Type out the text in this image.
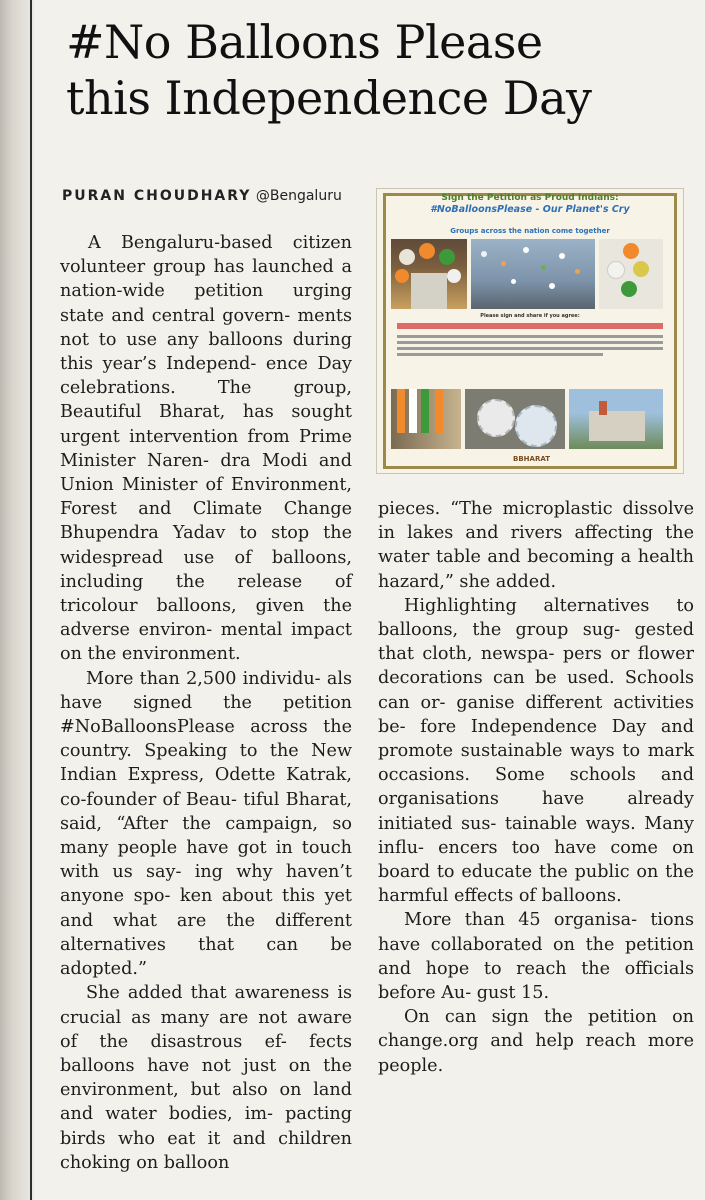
#No Balloons Please
this Independence Day
PURAN CHOUDHARY @Bengaluru

A Bengaluru-based citizen volunteer group has launched a nation-wide petition urging state and central govern- ments not to use any balloons during this year’s Independ- ence Day celebrations. The group, Beautiful Bharat, has sought urgent intervention from Prime Minister Naren- dra Modi and Union Minister of Environment, Forest and Climate Change Bhupendra Yadav to stop the widespread use of balloons, including the release of tricolour balloons, given the adverse environ- mental impact on the environment.

More than 2,500 individu- als have signed the petition #NoBalloonsPlease across the country. Speaking to the New Indian Express, Odette Katrak, co-founder of Beau- tiful Bharat, said, “After the campaign, so many people have got in touch with us say- ing why haven’t anyone spo- ken about this yet and what are the different alternatives that can be adopted.”

She added that awareness is crucial as many are not aware of the disastrous ef- fects balloons have not just on the environment, but also on land and water bodies, im- pacting birds who eat it and children choking on balloon

Sign the Petition as Proud Indians:
#NoBalloonsPlease - Our Planet's Cry
Groups across the nation come together
Please sign and share if you agree:
BBHARAT

pieces. “The microplastic dissolve in lakes and rivers affecting the water table and becoming a health hazard,” she added.

Highlighting alternatives to balloons, the group sug- gested that cloth, newspa- pers or flower decorations can be used. Schools can or- ganise different activities be- fore Independence Day and promote sustainable ways to mark occasions. Some schools and organisations have already initiated sus- tainable ways. Many influ- encers too have come on board to educate the public on the harmful effects of balloons.

More than 45 organisa- tions have collaborated on the petition and hope to reach the officials before Au- gust 15.

On can sign the petition on change.org and help reach more people.
